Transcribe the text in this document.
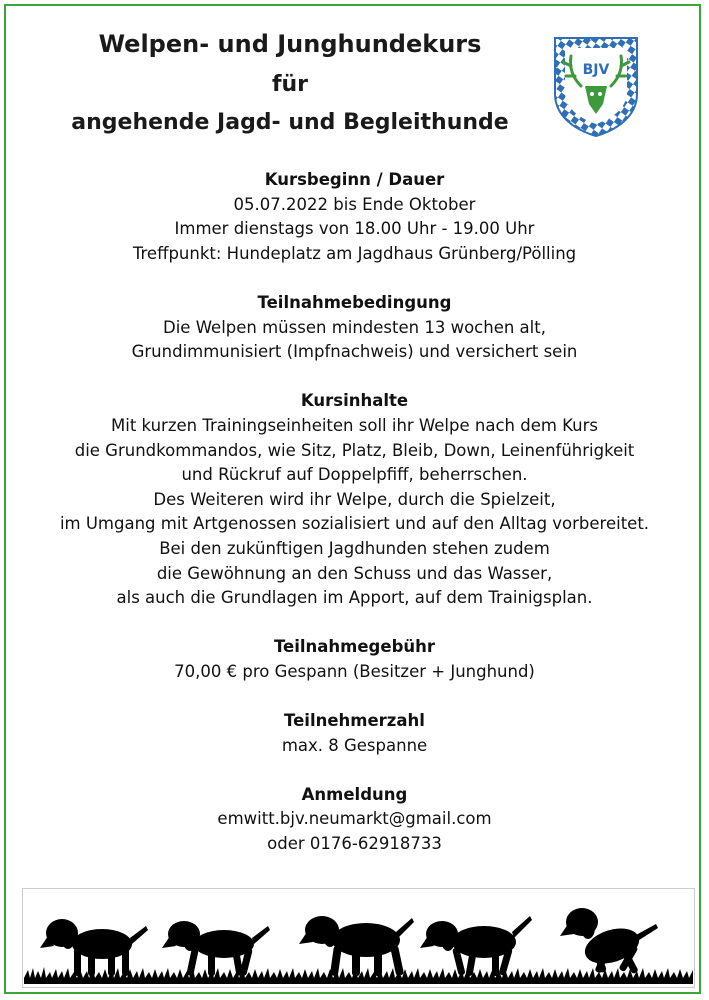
Welpen- und Junghundekurs
für
angehende Jagd- und Begleithunde
BJV
Kursbeginn / Dauer

05.07.2022 bis Ende Oktober

Immer dienstags von 18.00 Uhr - 19.00 Uhr

Treffpunkt: Hundeplatz am Jagdhaus Grünberg/Pölling

Teilnahmebedingung

Die Welpen müssen mindesten 13 wochen alt,

Grundimmunisiert (Impfnachweis) und versichert sein

Kursinhalte

Mit kurzen Trainingseinheiten soll ihr Welpe nach dem Kurs

die Grundkommandos, wie Sitz, Platz, Bleib, Down, Leinenführigkeit

und Rückruf auf Doppelpfiff, beherrschen.

Des Weiteren wird ihr Welpe, durch die Spielzeit,

im Umgang mit Artgenossen sozialisiert und auf den Alltag vorbereitet.

Bei den zukünftigen Jagdhunden stehen zudem

die Gewöhnung an den Schuss und das Wasser,

als auch die Grundlagen im Apport, auf dem Trainigsplan.

Teilnahmegebühr

70,00 € pro Gespann (Besitzer + Junghund)

Teilnehmerzahl

max. 8 Gespanne

Anmeldung

emwitt.bjv.neumarkt@gmail.com

oder 0176-62918733
